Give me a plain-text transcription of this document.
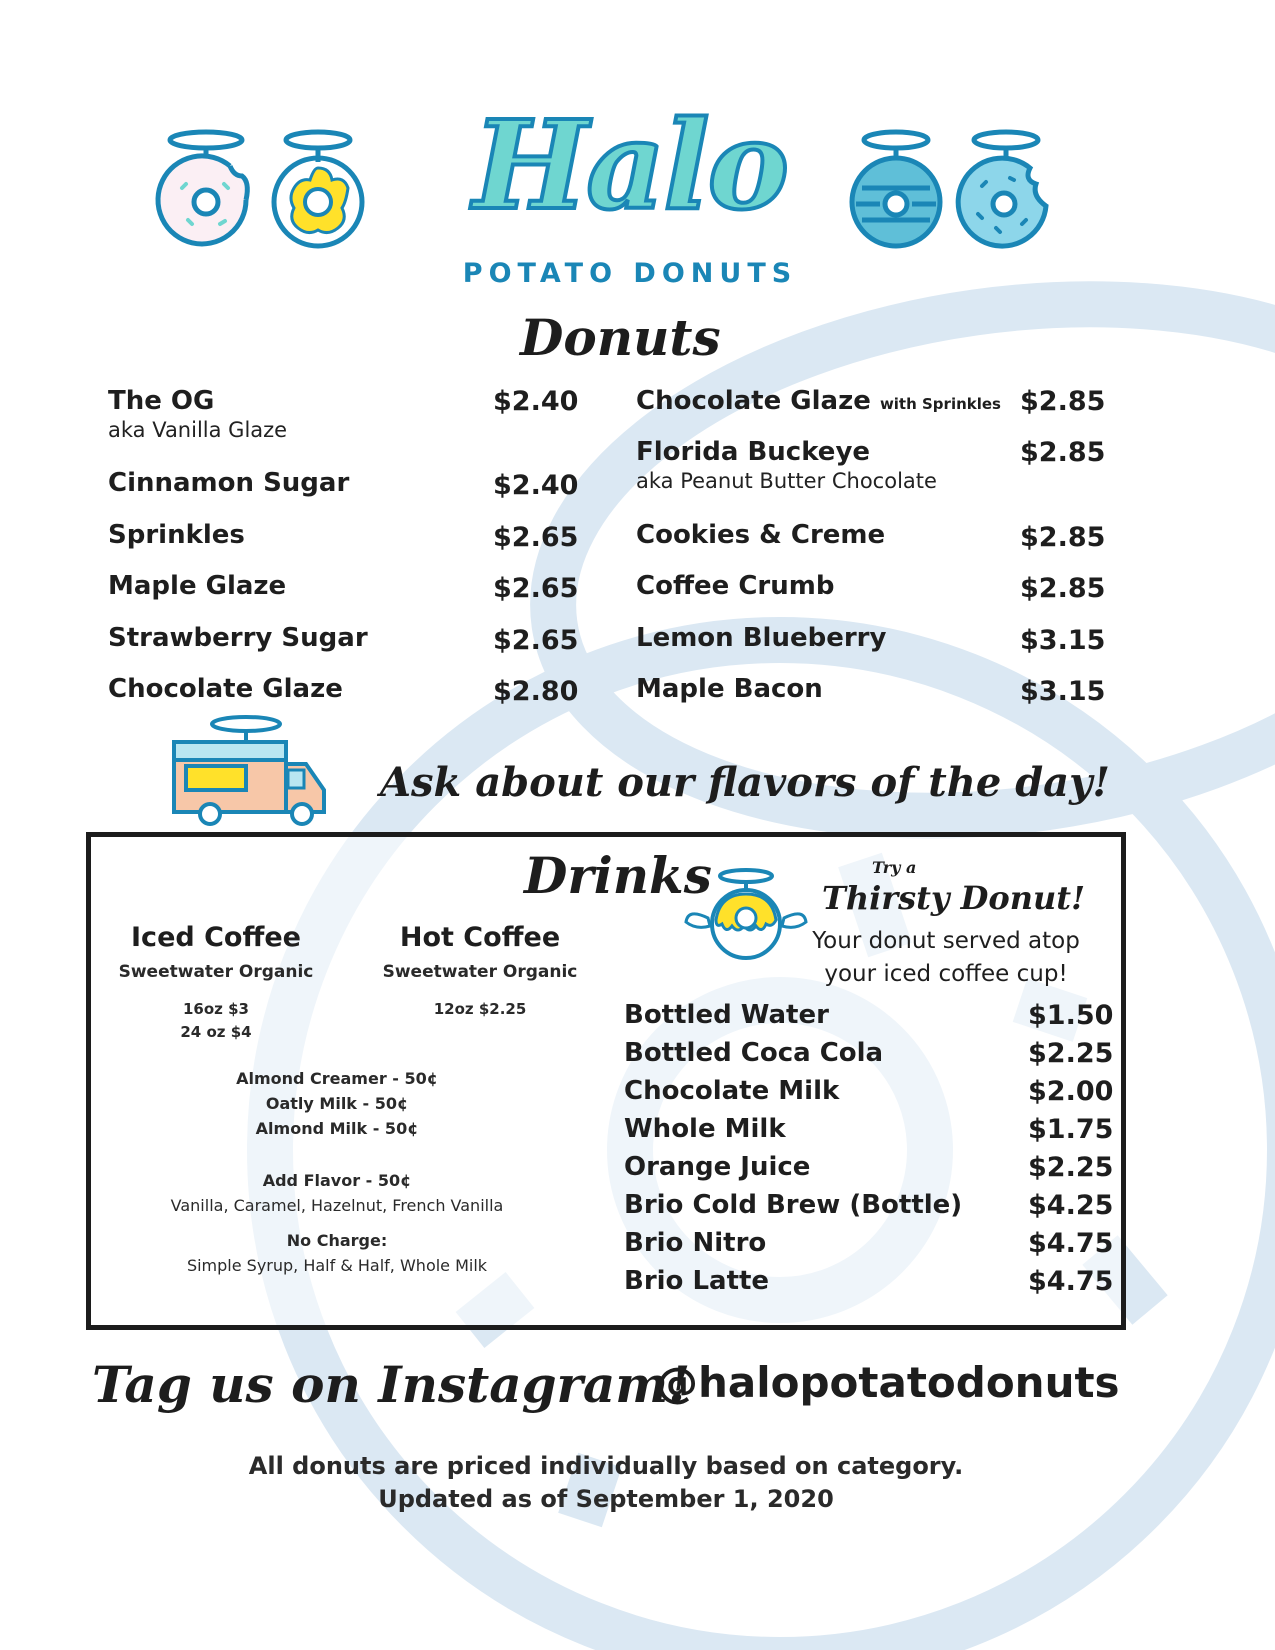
Halo
POTATO DONUTS
Donuts
The OG
aka Vanilla Glaze
$2.40
Cinnamon Sugar	$2.40
Sprinkles	$2.65
Maple Glaze	$2.65
Strawberry Sugar	$2.65
Chocolate Glaze	$2.80
Chocolate Glaze with Sprinkles $2.85
Florida Buckeye
aka Peanut Butter Chocolate
$2.85
Cookies & Creme	$2.85
Coffee Crumb	$2.85
Lemon Blueberry	$3.15
Maple Bacon	$3.15
Ask about our flavors of the day!
Drinks
Iced Coffee
Sweetwater Organic
16oz $3
24 oz $4
Hot Coffee
Sweetwater Organic
12oz $2.25
Almond Creamer - 50¢
Oatly Milk - 50¢
Almond Milk - 50¢
Add Flavor - 50¢
Vanilla, Caramel, Hazelnut, French Vanilla
No Charge:
Simple Syrup, Half & Half, Whole Milk
Try a
Thirsty Donut!
Your donut served atop
your iced coffee cup!
Bottled Water	$1.50
Bottled Coca Cola	$2.25
Chocolate Milk	$2.00
Whole Milk	$1.75
Orange Juice	$2.25
Brio Cold Brew (Bottle) $4.25
Brio Nitro	$4.75
Brio Latte	$4.75
Tag us on Instagram!
@halopotatodonuts
All donuts are priced individually based on category.
Updated as of September 1, 2020
